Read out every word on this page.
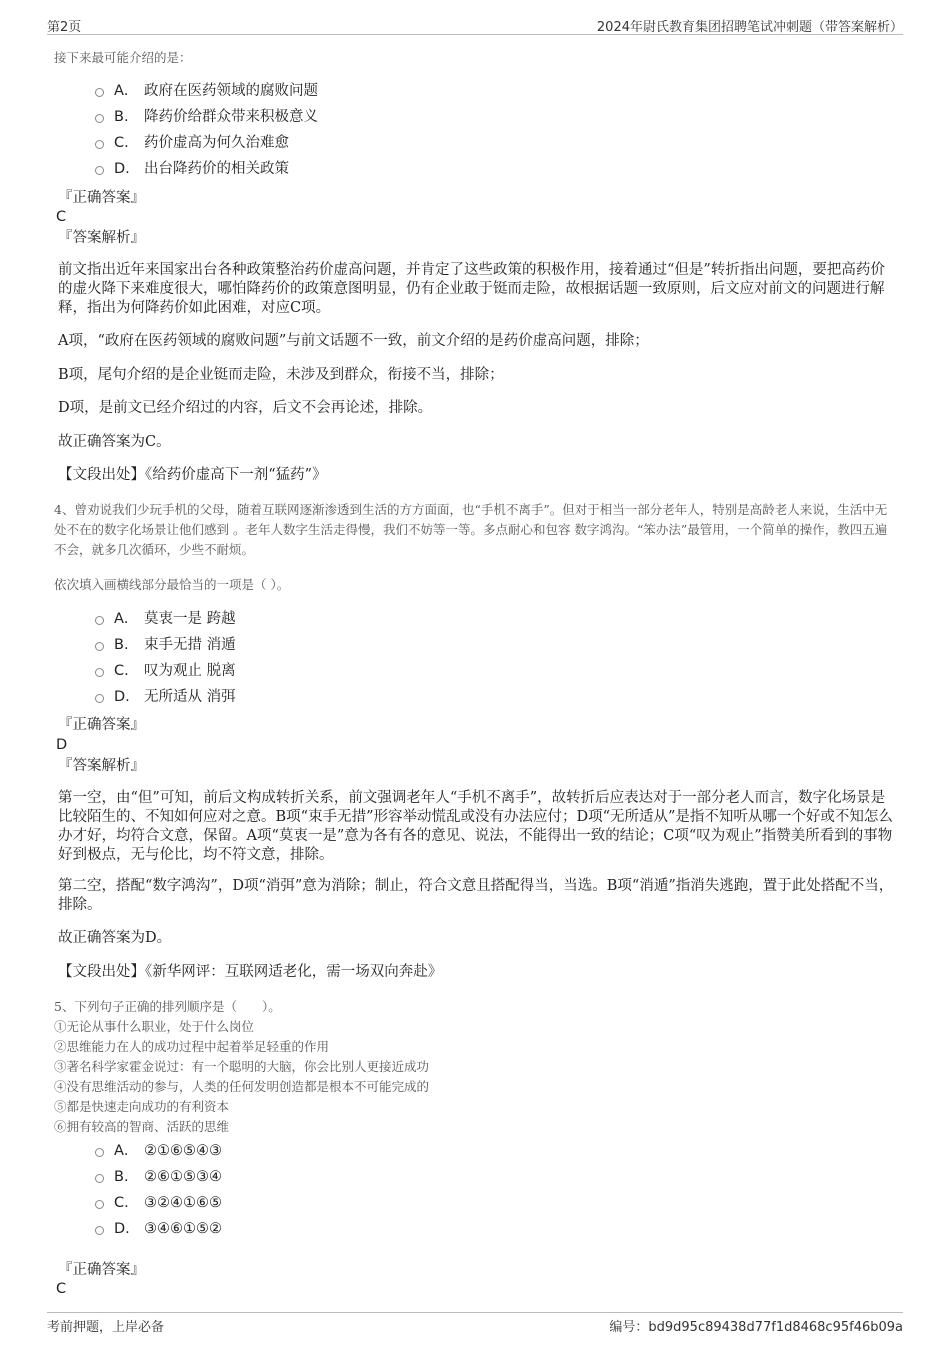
第2页	2024年尉氏教育集团招聘笔试冲刺题（带答案解析）
接下来最可能介绍的是：
A． 政府在医药领域的腐败问题
B.	降药价给群众带来积极意义
C.	药价虚高为何久治难愈
D. 出台降药价的相关政策
『正确答案』
C
『答案解析』
前文指出近年来国家出台各种政策整治药价虚高问题，并肯定了这些政策的积极作用，接着通过“但是”转折指出问题，要把高药价的虚火降下来难度很大，哪怕降药价的政策意图明显，仍有企业敢于铤而走险，故根据话题一致原则，后文应对前文的问题进行解释，指出为何降药价如此困难，对应C项。
A项，“政府在医药领域的腐败问题”与前文话题不一致，前文介绍的是药价虚高问题，排除；
B项，尾句介绍的是企业铤而走险，未涉及到群众，衔接不当，排除；
D项，是前文已经介绍过的内容，后文不会再论述，排除。
故正确答案为C。
【文段出处】《给药价虚高下一剂“猛药”》
4、曾劝说我们少玩手机的父母，随着互联网逐渐渗透到生活的方方面面，也“手机不离手”。但对于相当一部分老年人，特别是高龄老人来说，生活中无处不在的数字化场景让他们感到 。老年人数字生活走得慢，我们不妨等一等。多点耐心和包容 数字鸿沟。“笨办法”最管用，一个简单的操作，教四五遍不会，就多几次循环，少些不耐烦。
依次填入画横线部分最恰当的一项是（ ）。
A． 莫衷一是 跨越
B.	束手无措 消遁
C.	叹为观止 脱离
D. 无所适从 消弭
『正确答案』
D
『答案解析』
第一空，由“但”可知，前后文构成转折关系，前文强调老年人“手机不离手”，故转折后应表达对于一部分老人而言，数字化场景是比较陌生的、不知如何应对之意。B项“束手无措”形容举动慌乱或没有办法应付；D项“无所适从”是指不知听从哪一个好或不知怎么办才好，均符合文意，保留。A项“莫衷一是”意为各有各的意见、说法，不能得出一致的结论；C项“叹为观止”指赞美所看到的事物好到极点，无与伦比，均不符文意，排除。
第二空，搭配“数字鸿沟”，D项“消弭”意为消除；制止，符合文意且搭配得当，当选。B项“消遁”指消失逃跑，置于此处搭配不当，排除。
故正确答案为D。
【文段出处】《新华网评：互联网适老化，需一场双向奔赴》
5、下列句子正确的排列顺序是（　　）。
①无论从事什么职业，处于什么岗位
②思维能力在人的成功过程中起着举足轻重的作用
③著名科学家霍金说过：有一个聪明的大脑，你会比别人更接近成功
④没有思维活动的参与，人类的任何发明创造都是根本不可能完成的
⑤都是快速走向成功的有利资本
⑥拥有较高的智商、活跃的思维
A． ②①⑥⑤④③
B.	②⑥①⑤③④
C.	③②④①⑥⑤
D. ③④⑥①⑤②
『正确答案』
C
考前押题，上岸必备	编号：bd9d95c89438d77f1d8468c95f46b09a
